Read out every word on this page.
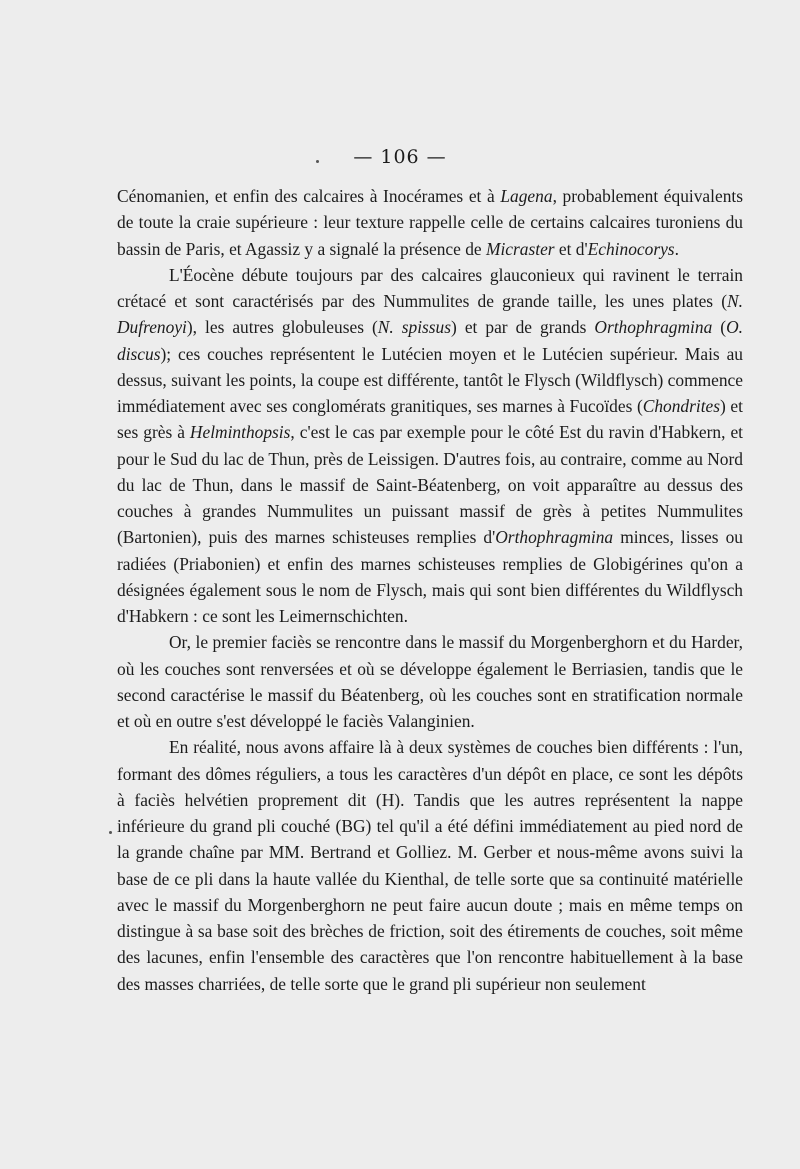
— 106 —

Cénomanien, et enfin des calcaires à Inocérames et à Lagena, probablement équivalents de toute la craie supérieure : leur texture rappelle celle de certains calcaires turoniens du bassin de Paris, et Agassiz y a signalé la présence de Micraster et d'Echinocorys.

L'Éocène débute toujours par des calcaires glauconieux qui ravinent le terrain crétacé et sont caractérisés par des Nummulites de grande taille, les unes plates (N. Dufrenoyi), les autres globuleuses (N. spissus) et par de grands Orthophragmina (O. discus); ces couches représentent le Lutécien moyen et le Lutécien supérieur. Mais au dessus, suivant les points, la coupe est différente, tantôt le Flysch (Wildflysch) commence immédiatement avec ses conglomérats granitiques, ses marnes à Fucoïdes (Chondrites) et ses grès à Helminthopsis, c'est le cas par exemple pour le côté Est du ravin d'Habkern, et pour le Sud du lac de Thun, près de Leissigen. D'autres fois, au contraire, comme au Nord du lac de Thun, dans le massif de Saint-Béatenberg, on voit apparaître au dessus des couches à grandes Nummulites un puissant massif de grès à petites Nummulites (Bartonien), puis des marnes schisteuses remplies d'Orthophragmina minces, lisses ou radiées (Priabonien) et enfin des marnes schisteuses remplies de Globigérines qu'on a désignées également sous le nom de Flysch, mais qui sont bien différentes du Wildflysch d'Habkern : ce sont les Leimernschichten.

Or, le premier faciès se rencontre dans le massif du Morgenberghorn et du Harder, où les couches sont renversées et où se développe également le Berriasien, tandis que le second caractérise le massif du Béatenberg, où les couches sont en stratification normale et où en outre s'est développé le faciès Valanginien.

En réalité, nous avons affaire là à deux systèmes de couches bien différents : l'un, formant des dômes réguliers, a tous les caractères d'un dépôt en place, ce sont les dépôts à faciès helvétien proprement dit (H). Tandis que les autres représentent la nappe inférieure du grand pli couché (BG) tel qu'il a été défini immédiatement au pied nord de la grande chaîne par MM. Bertrand et Golliez. M. Gerber et nous-même avons suivi la base de ce pli dans la haute vallée du Kienthal, de telle sorte que sa continuité matérielle avec le massif du Morgenberghorn ne peut faire aucun doute ; mais en même temps on distingue à sa base soit des brèches de friction, soit des étirements de couches, soit même des lacunes, enfin l'ensemble des caractères que l'on rencontre habituellement à la base des masses charriées, de telle sorte que le grand pli supérieur non seulement
